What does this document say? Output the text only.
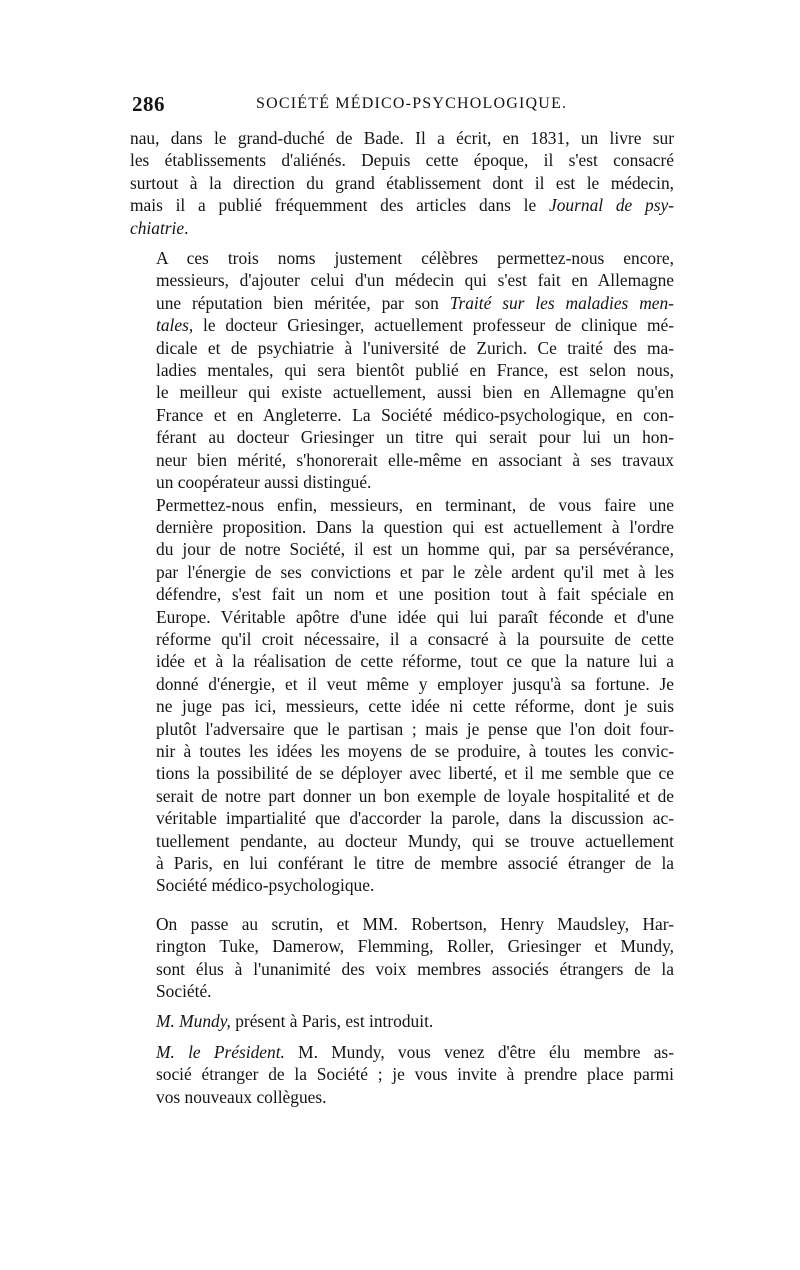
286	SOCIÉTÉ MÉDICO-PSYCHOLOGIQUE.

nau, dans le grand-duché de Bade. Il a écrit, en 1831, un livre sur
les établissements d'aliénés. Depuis cette époque, il s'est consacré
surtout à la direction du grand établissement dont il est le médecin,
mais il a publié fréquemment des articles dans le Journal de psy-
chiatrie.

A ces trois noms justement célèbres permettez-nous encore,
messieurs, d'ajouter celui d'un médecin qui s'est fait en Allemagne
une réputation bien méritée, par son Traité sur les maladies men-
tales, le docteur Griesinger, actuellement professeur de clinique mé-
dicale et de psychiatrie à l'université de Zurich. Ce traité des ma-
ladies mentales, qui sera bientôt publié en France, est selon nous,
le meilleur qui existe actuellement, aussi bien en Allemagne qu'en
France et en Angleterre. La Société médico-psychologique, en con-
férant au docteur Griesinger un titre qui serait pour lui un hon-
neur bien mérité, s'honorerait elle-même en associant à ses travaux
un coopérateur aussi distingué.

Permettez-nous enfin, messieurs, en terminant, de vous faire une
dernière proposition. Dans la question qui est actuellement à l'ordre
du jour de notre Société, il est un homme qui, par sa persévérance,
par l'énergie de ses convictions et par le zèle ardent qu'il met à les
défendre, s'est fait un nom et une position tout à fait spéciale en
Europe. Véritable apôtre d'une idée qui lui paraît féconde et d'une
réforme qu'il croit nécessaire, il a consacré à la poursuite de cette
idée et à la réalisation de cette réforme, tout ce que la nature lui a
donné d'énergie, et il veut même y employer jusqu'à sa fortune. Je
ne juge pas ici, messieurs, cette idée ni cette réforme, dont je suis
plutôt l'adversaire que le partisan ; mais je pense que l'on doit four-
nir à toutes les idées les moyens de se produire, à toutes les convic-
tions la possibilité de se déployer avec liberté, et il me semble que ce
serait de notre part donner un bon exemple de loyale hospitalité et de
véritable impartialité que d'accorder la parole, dans la discussion ac-
tuellement pendante, au docteur Mundy, qui se trouve actuellement
à Paris, en lui conférant le titre de membre associé étranger de la
Société médico-psychologique.

On passe au scrutin, et MM. Robertson, Henry Maudsley, Har-
rington Tuke, Damerow, Flemming, Roller, Griesinger et Mundy,
sont élus à l'unanimité des voix membres associés étrangers de la
Société.

M. Mundy, présent à Paris, est introduit.

M. le Président. M. Mundy, vous venez d'être élu membre as-
socié étranger de la Société ; je vous invite à prendre place parmi
vos nouveaux collègues.
